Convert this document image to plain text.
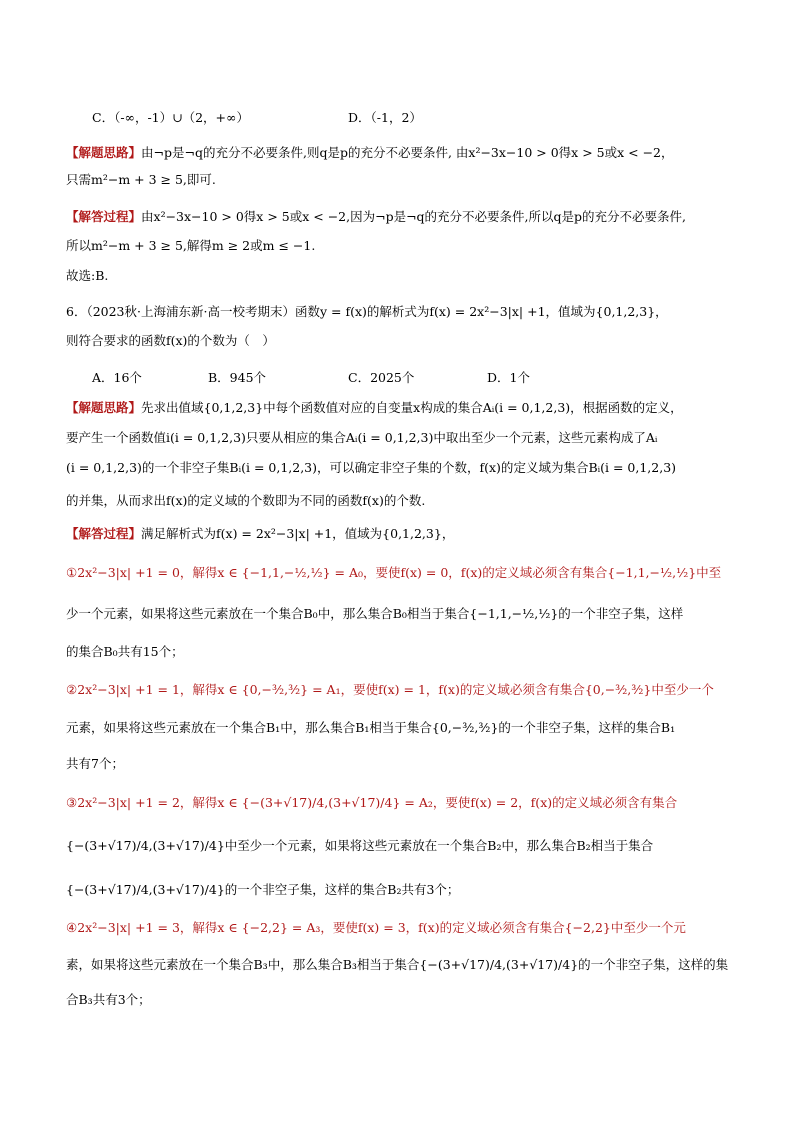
C．（-∞，-1）∪（2，+∞）	D．（-1，2）
【解题思路】由¬p是¬q的充分不必要条件,则q是p的充分不必要条件, 由x²−3x−10 > 0得x > 5或x < −2，
只需m²−m + 3 ≥ 5,即可.
【解答过程】由x²−3x−10 > 0得x > 5或x < −2,因为¬p是¬q的充分不必要条件,所以q是p的充分不必要条件,
所以m²−m + 3 ≥ 5,解得m ≥ 2或m ≤ −1.
故选:B.
6．（2023秋·上海浦东新·高一校考期末）函数y = f(x)的解析式为f(x) = 2x²−3|x| +1，值域为{0,1,2,3}，
则符合要求的函数f(x)的个数为（　）
A．16个	B．945个	C．2025个	D．1个
【解题思路】先求出值域{0,1,2,3}中每个函数值对应的自变量x构成的集合Aᵢ(i = 0,1,2,3)，根据函数的定义，
要产生一个函数值i(i = 0,1,2,3)只要从相应的集合Aᵢ(i = 0,1,2,3)中取出至少一个元素，这些元素构成了Aᵢ
(i = 0,1,2,3)的一个非空子集Bᵢ(i = 0,1,2,3)，可以确定非空子集的个数，f(x)的定义域为集合Bᵢ(i = 0,1,2,3)
的并集，从而求出f(x)的定义域的个数即为不同的函数f(x)的个数.
【解答过程】满足解析式为f(x) = 2x²−3|x| +1，值域为{0,1,2,3}，
①2x²−3|x| +1 = 0，解得x ∈ {−1,1,−½,½} = A₀，要使f(x) = 0，f(x)的定义域必须含有集合{−1,1,−½,½}中至
少一个元素，如果将这些元素放在一个集合B₀中，那么集合B₀相当于集合{−1,1,−½,½}的一个非空子集，这样
的集合B₀共有15个；
②2x²−3|x| +1 = 1，解得x ∈ {0,−³⁄₂,³⁄₂} = A₁，要使f(x) = 1，f(x)的定义域必须含有集合{0,−³⁄₂,³⁄₂}中至少一个
元素，如果将这些元素放在一个集合B₁中，那么集合B₁相当于集合{0,−³⁄₂,³⁄₂}的一个非空子集，这样的集合B₁
共有7个；
③2x²−3|x| +1 = 2，解得x ∈ {−(3+√17)/4,(3+√17)/4} = A₂，要使f(x) = 2，f(x)的定义域必须含有集合
{−(3+√17)/4,(3+√17)/4}中至少一个元素，如果将这些元素放在一个集合B₂中，那么集合B₂相当于集合
{−(3+√17)/4,(3+√17)/4}的一个非空子集，这样的集合B₂共有3个；
④2x²−3|x| +1 = 3，解得x ∈ {−2,2} = A₃，要使f(x) = 3，f(x)的定义域必须含有集合{−2,2}中至少一个元
素，如果将这些元素放在一个集合B₃中，那么集合B₃相当于集合{−(3+√17)/4,(3+√17)/4}的一个非空子集，这样的集
合B₃共有3个；
